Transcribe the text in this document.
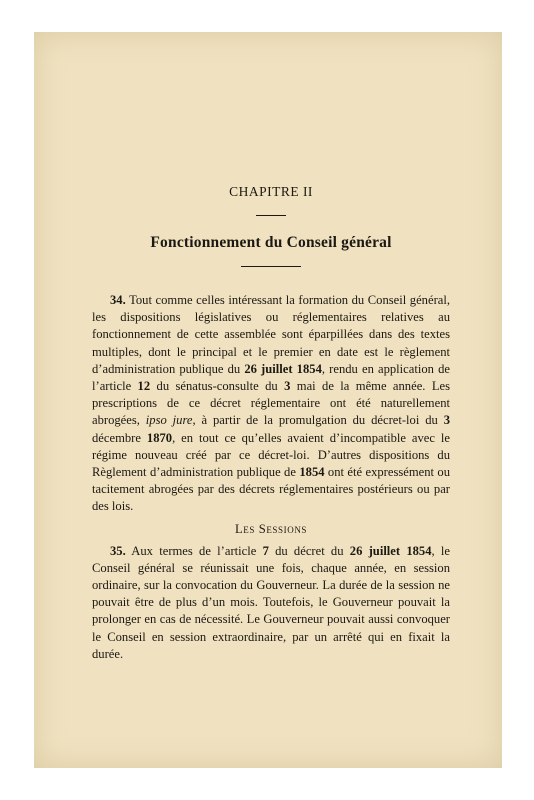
CHAPITRE II

Fonctionnement du Conseil général

34. Tout comme celles intéressant la formation du Conseil général, les dispositions législatives ou réglementaires relatives au fonctionnement de cette assemblée sont éparpillées dans des textes multiples, dont le principal et le premier en date est le règlement d’administration publique du 26 juillet 1854, rendu en application de l’article 12 du sénatus-consulte du 3 mai de la même année. Les prescriptions de ce décret réglementaire ont été naturellement abrogées, ipso jure, à partir de la promulgation du décret-loi du 3 décembre 1870, en tout ce qu’elles avaient d’incompatible avec le régime nouveau créé par ce décret-loi. D’autres dispositions du Règlement d’administration publique de 1854 ont été expressément ou tacitement abrogées par des décrets réglementaires postérieurs ou par des lois.

Les Sessions

35. Aux termes de l’article 7 du décret du 26 juillet 1854, le Conseil général se réunissait une fois, chaque année, en session ordinaire, sur la convocation du Gouverneur. La durée de la session ne pouvait être de plus d’un mois. Toutefois, le Gouverneur pouvait la prolonger en cas de nécessité. Le Gouverneur pouvait aussi convoquer le Conseil en session extraordinaire, par un arrêté qui en fixait la durée.
